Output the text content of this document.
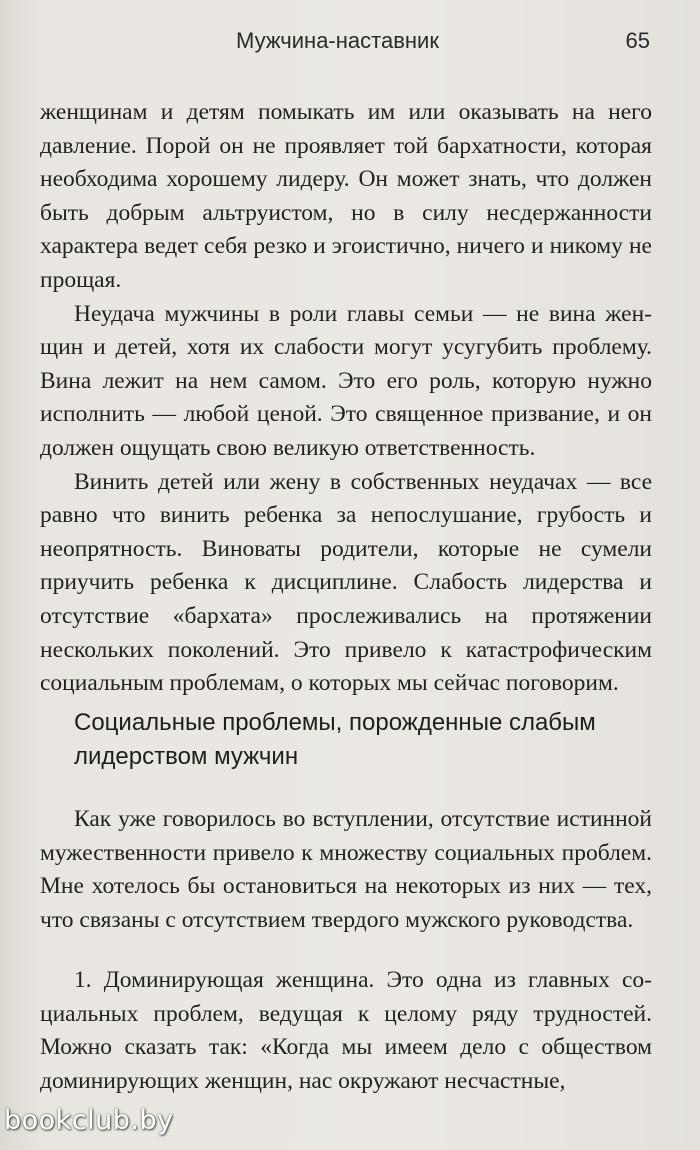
Мужчина-наставник	65

женщинам и детям помыкать им или оказывать на него давление. Порой он не проявляет той бархатности, которая необходима хорошему лидеру. Он может знать, что должен быть добрым альтруистом, но в силу несдержанности характера ведет себя резко и эгоистично, ничего и никому не прощая.

Неудача мужчины в роли главы семьи — не вина женщин и детей, хотя их слабости могут усугубить проблему. Вина лежит на нем самом. Это его роль, которую нужно исполнить — любой ценой. Это священное призвание, и он должен ощущать свою великую ответственность.

Винить детей или жену в собственных неудачах — все равно что винить ребенка за непослушание, грубость и неопрятность. Виноваты родители, которые не сумели приучить ребенка к дисциплине. Слабость лидерства и отсутствие «бархата» прослеживались на протяжении нескольких поколений. Это привело к катастрофическим социальным проблемам, о которых мы сейчас поговорим.

Социальные проблемы, порожденные слабым
лидерством мужчин

Как уже говорилось во вступлении, отсутствие истинной мужественности привело к множеству социальных проблем. Мне хотелось бы остановиться на некоторых из них — тех, что связаны с отсутствием твердого мужского руководства.

1. Доминирующая женщина. Это одна из главных социальных проблем, ведущая к целому ряду трудностей. Можно сказать так: «Когда мы имеем дело с обществом доминирующих женщин, нас окружают несчастные,

bookclub.by
